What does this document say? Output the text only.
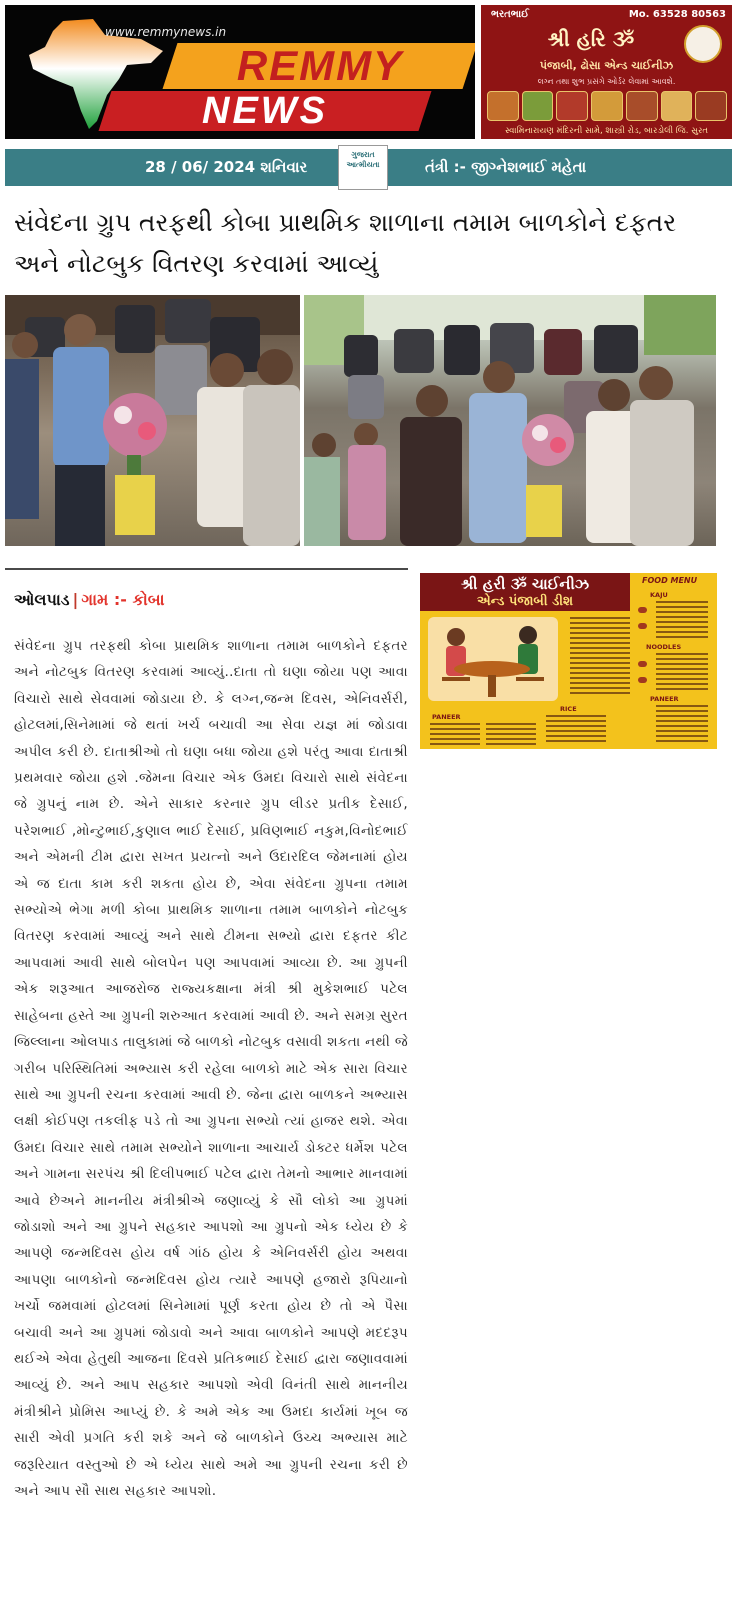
www.remmynews.in
REMMY
NEWS
ભરતભાઈ	Mo. 63528 80563
શ્રી હરિ ૐ
પંજાબી, ઢોસા એન્ડ ચાઈનીઝ
લગ્ન તથા શુભ પ્રસંગે ઓર્ડર લેવામાં આવશે.
સ્વામિનારાયણ મંદિરની સામે, શાસ્ત્રી રોડ, બારડોલી જિ. સુરત
28 / 06/ 2024 શનિવાર
ગુજરાત
આત્મીયતા	તંત્રી :- જીગ્નેશભાઈ મહેતા
સંવેદના ગ્રુપ તરફથી કોબા પ્રાથમિક શાળાના તમામ બાળકોને દફતર અને નોટબુક વિતરણ કરવામાં આવ્યું
ઓલપાડ | ગામ :- કોબા

સંવેદના ગ્રુપ તરફથી કોબા પ્રાથમિક શાળાના તમામ બાળકોને દફતર અને નોટબુક વિતરણ કરવામાં આવ્યું..દાતા તો ઘણા જોયા પણ આવા વિચારો સાથે સેવવામાં જોડાયા છે. કે લગ્ન,જન્મ દિવસ, એનિવર્સરી, હોટલમાં,સિનેમામાં જે થતાં ખર્ચ બચાવી આ સેવા યજ્ઞ માં જોડાવા અપીલ કરી છે. દાતાશ્રીઓ તો ઘણા બધા જોયા હશે પરંતુ આવા દાતાશ્રી પ્રથમવાર જોયા હશે .જેમના વિચાર એક ઉમદા વિચારો સાથે સંવેદના જે ગ્રુપનું નામ છે. એને સાકાર કરનાર ગ્રુપ લીડર પ્રતીક દેસાઈ, પરેશભાઈ ,મોન્ટુભાઈ,કુણાલ ભાઈ દેસાઈ, પ્રવિણભાઈ નકુમ,વિનોદભાઈ અને એમની ટીમ દ્વારા સખત પ્રયત્નો અને ઉદારદિલ જેમનામાં હોય એ જ દાતા કામ કરી શકતા હોય છે, એવા સંવેદના ગ્રુપના તમામ સભ્યોએ ભેગા મળી કોબા પ્રાથમિક શાળાના તમામ બાળકોને નોટબુક વિતરણ કરવામાં આવ્યું અને સાથે ટીમના સભ્યો દ્વારા દફતર કીટ આપવામાં આવી સાથે બોલપેન પણ આપવામાં આવ્યા છે. આ ગ્રુપની એક શરૂઆત આજરોજ રાજ્યકક્ષાના મંત્રી શ્રી મુકેશભાઈ પટેલ સાહેબના હસ્તે આ ગ્રુપની શરુઆત કરવામાં આવી છે. અને સમગ્ર સુરત જિલ્લાના ઓલપાડ તાલુકામાં જે બાળકો નોટબુક વસાવી શકતા નથી જે ગરીબ પરિસ્થિતિમાં અભ્યાસ કરી રહેલા બાળકો માટે એક સારા વિચાર સાથે આ ગ્રુપની રચના કરવામાં આવી છે. જેના દ્વારા બાળકને અભ્યાસ લક્ષી કોઈપણ તકલીફ પડે તો આ ગ્રુપના સભ્યો ત્યાં હાજર થશે. એવા ઉમદા વિચાર સાથે તમામ સભ્યોને શાળાના આચાર્ય ડોક્ટર ધર્મેશ પટેલ અને ગામના સરપંચ શ્રી દિલીપભાઈ પટેલ દ્વારા તેમનો આભાર માનવામાં આવે છેઅને માનનીય મંત્રીશ્રીએ જણાવ્યું કે સૌ લોકો આ ગ્રુપમાં જોડાશો અને આ ગ્રુપને સહકાર આપશો આ ગ્રુપનો એક ધ્યેય છે કે આપણે જન્મદિવસ હોય વર્ષ ગાંઠ હોય કે એનિવર્સરી હોય અથવા આપણા બાળકોનો જન્મદિવસ હોય ત્યારે આપણે હજારો રૂપિયાનો ખર્ચો જમવામાં હોટલમાં સિનેમામાં પૂર્ણ કરતા હોય છે તો એ પૈસા બચાવી અને આ ગ્રુપમાં જોડાવો અને આવા બાળકોને આપણે મદદરૂપ થઈએ એવા હેતુથી આજના દિવસે પ્રતિકભાઈ દેસાઈ દ્વારા જણાવવામાં આવ્યું છે. અને આપ સહકાર આપશો એવી વિનંતી સાથે માનનીય મંત્રીશ્રીને પ્રોમિસ આપ્યું છે. કે અમે એક આ ઉમદા કાર્યમાં ખૂબ જ સારી એવી પ્રગતિ કરી શકે અને જે બાળકોને ઉચ્ચ અભ્યાસ માટે જરૂરિયાત વસ્તુઓ છે એ ધ્યેય સાથે અમે આ ગ્રુપની રચના કરી છે અને આપ સૌ સાથ સહકાર આપશો.

શ્રી હરી ૐ ચાઈનીઝ
એન્ડ પંજાબી ડીશ
FOOD MENU
KAJU
NOODLES
PANEER
PANEER
RICE
